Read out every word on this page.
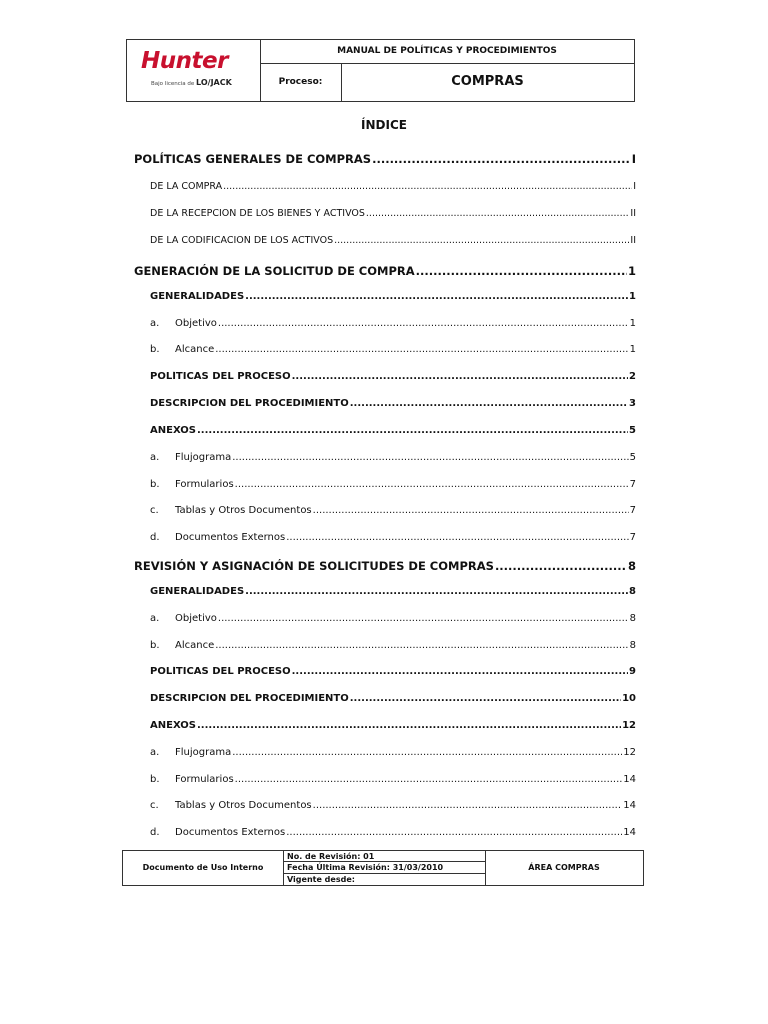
Hunter
Bajo licencia de LO/JACK
MANUAL DE POLÍTICAS Y PROCEDIMIENTOS
Proceso:	COMPRAS
ÍNDICE
POLÍTICAS GENERALES DE COMPRAS .....	I
DE LA COMPRA .....	I
DE LA RECEPCIÓN DE LOS BIENES Y ACTIVOS .....	II
DE LA CODIFICACIÓN DE LOS ACTIVOS .....	II
GENERACIÓN DE LA SOLICITUD DE COMPRA .....	1
GENERALIDADES .....	1
a. Objetivo .....	1
b. Alcance .....	1
POLÍTICAS DEL PROCESO .....	2
DESCRIPCIÓN DEL PROCEDIMIENTO .....	3
ANEXOS .....	5
a. Flujograma .....	5
b. Formularios .....	7
c. Tablas y Otros Documentos .....	7
d. Documentos Externos .....	7
REVISIÓN Y ASIGNACIÓN DE SOLICITUDES DE COMPRAS .....	8
GENERALIDADES .....	8
a. Objetivo .....	8
b. Alcance .....	8
POLÍTICAS DEL PROCESO .....	9
DESCRIPCIÓN DEL PROCEDIMIENTO .....	10
ANEXOS .....	12
a. Flujograma .....	12
b. Formularios .....	14
c. Tablas y Otros Documentos .....	14
d. Documentos Externos .....	14
Documento de Uso Interno
No. de Revisión: 01
Fecha Última Revisión: 31/03/2010
Vigente desde:
ÁREA COMPRAS
